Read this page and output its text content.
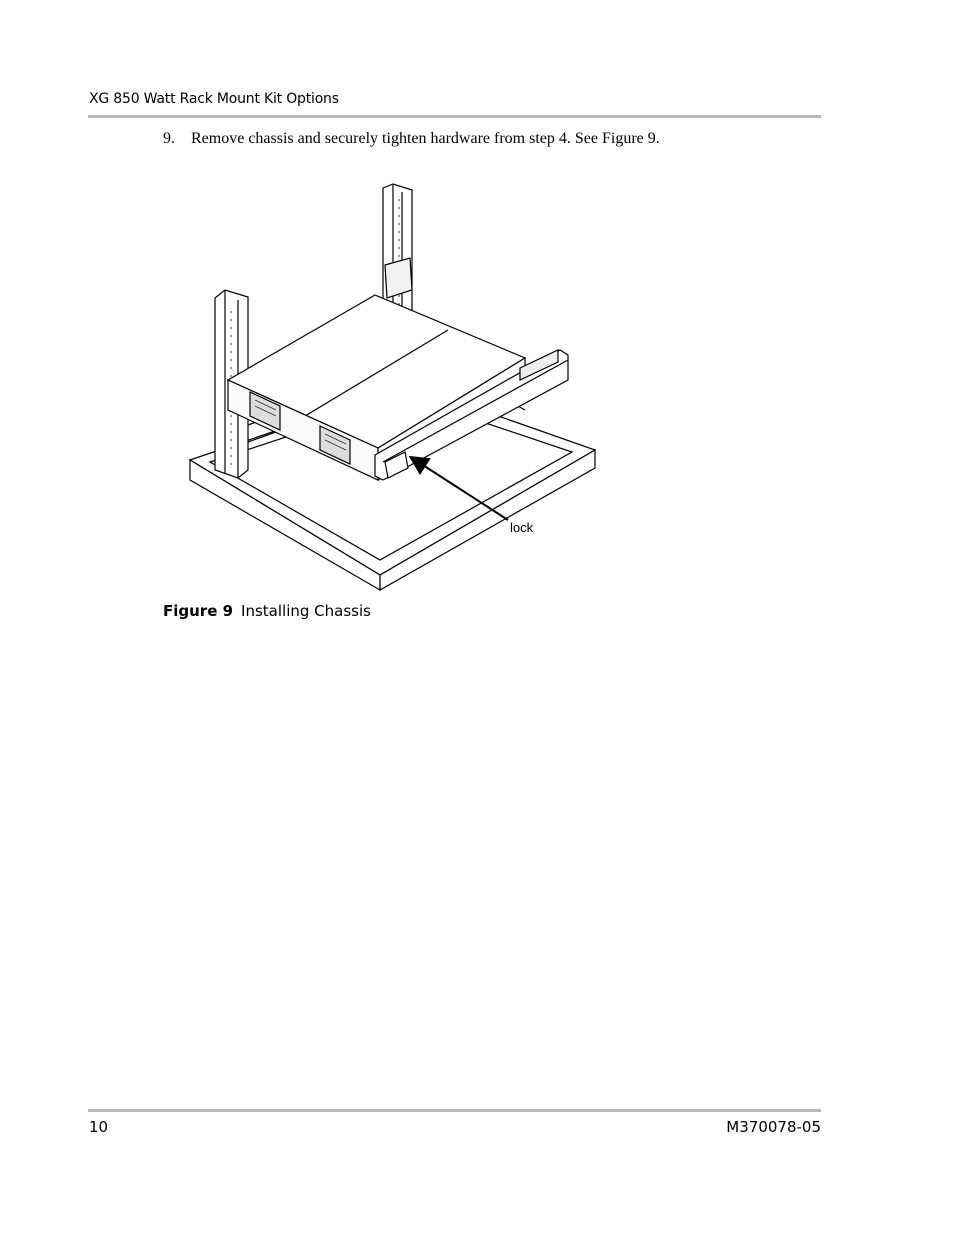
XG 850 Watt Rack Mount Kit Options
9. Remove chassis and securely tighten hardware from step 4. See Figure 9.
lock
Figure 9 Installing Chassis
10	M370078-05
